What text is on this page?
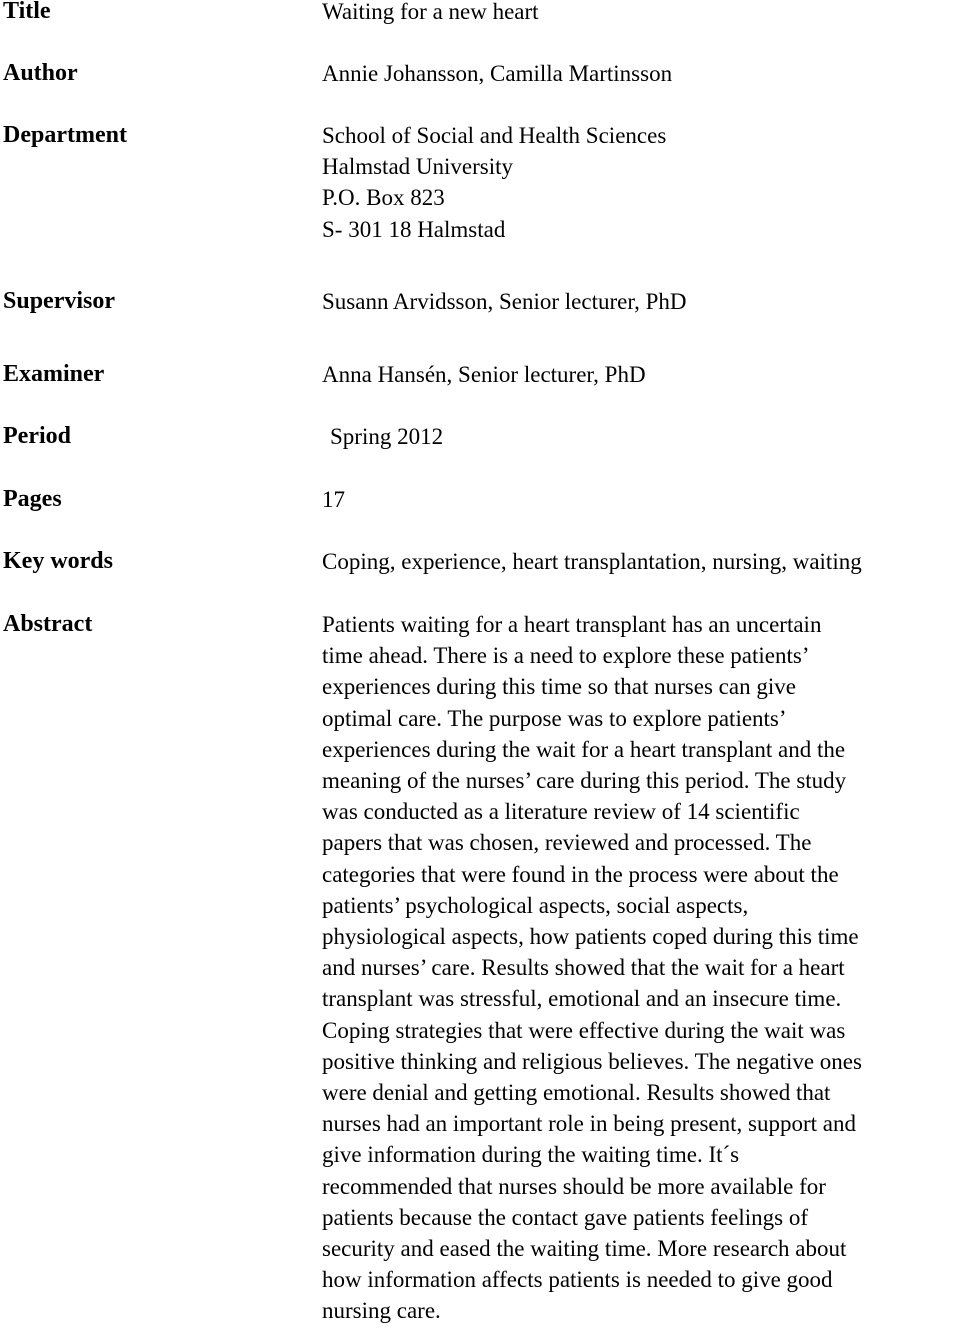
Title	Waiting for a new heart
Author	Annie Johansson, Camilla Martinsson
Department	School of Social and Health Sciences
Halmstad University
P.O. Box 823
S- 301 18 Halmstad
Supervisor	Susann Arvidsson, Senior lecturer, PhD
Examiner	Anna Hansén, Senior lecturer, PhD
Period	Spring 2012
Pages	17
Key words	Coping, experience, heart transplantation, nursing, waiting
Abstract	Patients waiting for a heart transplant has an uncertain
time ahead. There is a need to explore these patients’
experiences during this time so that nurses can give
optimal care. The purpose was to explore patients’
experiences during the wait for a heart transplant and the
meaning of the nurses’ care during this period. The study
was conducted as a literature review of 14 scientific
papers that was chosen, reviewed and processed. The
categories that were found in the process were about the
patients’ psychological aspects, social aspects,
physiological aspects, how patients coped during this time
and nurses’ care. Results showed that the wait for a heart
transplant was stressful, emotional and an insecure time.
Coping strategies that were effective during the wait was
positive thinking and religious believes. The negative ones
were denial and getting emotional. Results showed that
nurses had an important role in being present, support and
give information during the waiting time. It´s
recommended that nurses should be more available for
patients because the contact gave patients feelings of
security and eased the waiting time. More research about
how information affects patients is needed to give good
nursing care.
